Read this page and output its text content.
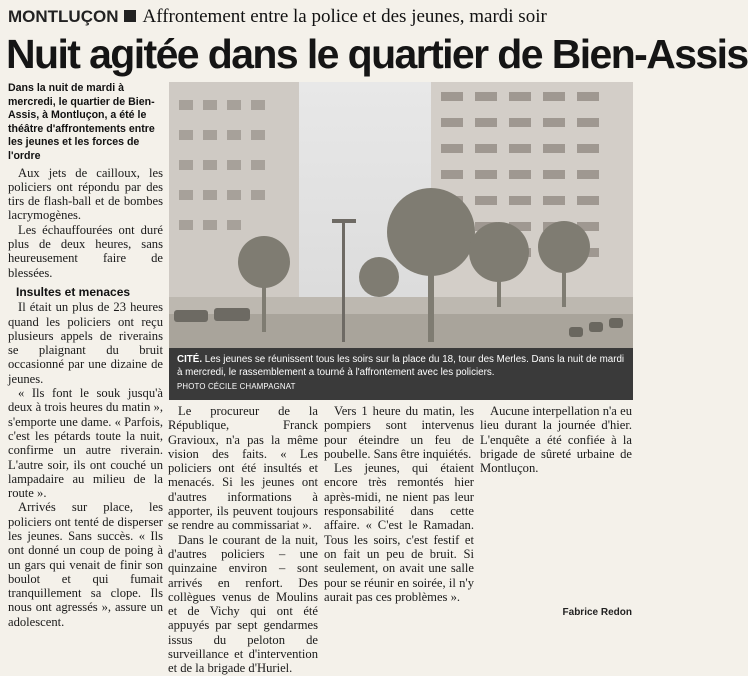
MONTLUÇON Affrontement entre la police et des jeunes, mardi soir
Nuit agitée dans le quartier de Bien-Assis
Dans la nuit de mardi à mercredi, le quartier de Bien-Assis, à Montluçon, a été le théâtre d'affrontements entre les jeunes et les forces de l'ordre

Aux jets de cailloux, les policiers ont répondu par des tirs de flash-ball et de bombes lacrymogènes.

Les échauffourées ont duré plus de deux heures, sans heureusement faire de blessées.

Insultes et menaces

Il était un plus de 23 heures quand les policiers ont reçu plusieurs appels de riverains se plaignant du bruit occasionné par une dizaine de jeunes.

« Ils font le souk jusqu'à deux à trois heures du matin », s'emporte une dame. « Parfois, c'est les pétards toute la nuit, confirme un autre riverain. L'autre soir, ils ont couché un lampadaire au milieu de la route ».

Arrivés sur place, les policiers ont tenté de disperser les jeunes. Sans succès. « Ils ont donné un coup de poing à un gars qui venait de finir son boulot et qui fumait tranquillement sa clope. Ils nous ont agressés », assure un adolescent.

CITÉ. Les jeunes se réunissent tous les soirs sur la place du 18, tour des Merles. Dans la nuit de mardi à mercredi, le rassemblement a tourné à l'affrontement avec les policiers.
PHOTO CÉCILE CHAMPAGNAT

Le procureur de la République, Franck Gravioux, n'a pas la même vision des faits. « Les policiers ont été insultés et menacés. Si les jeunes ont d'autres informations à apporter, ils peuvent toujours se rendre au commissariat ».

Dans le courant de la nuit, d'autres policiers – une quinzaine environ – sont arrivés en renfort. Des collègues venus de Moulins et de Vichy qui ont été appuyés par sept gendarmes issus du peloton de surveillance et d'intervention et de la brigade d'Huriel.

Vers 1 heure du matin, les pompiers sont intervenus pour éteindre un feu de poubelle. Sans être inquiétés.

Les jeunes, qui étaient encore très remontés hier après-midi, ne nient pas leur responsabilité dans cette affaire. « C'est le Ramadan. Tous les soirs, c'est festif et on fait un peu de bruit. Si seulement, on avait une salle pour se réunir en soirée, il n'y aurait pas ces problèmes ».

Aucune interpellation n'a eu lieu durant la journée d'hier. L'enquête a été confiée à la brigade de sûreté urbaine de Montluçon.

Fabrice Redon
